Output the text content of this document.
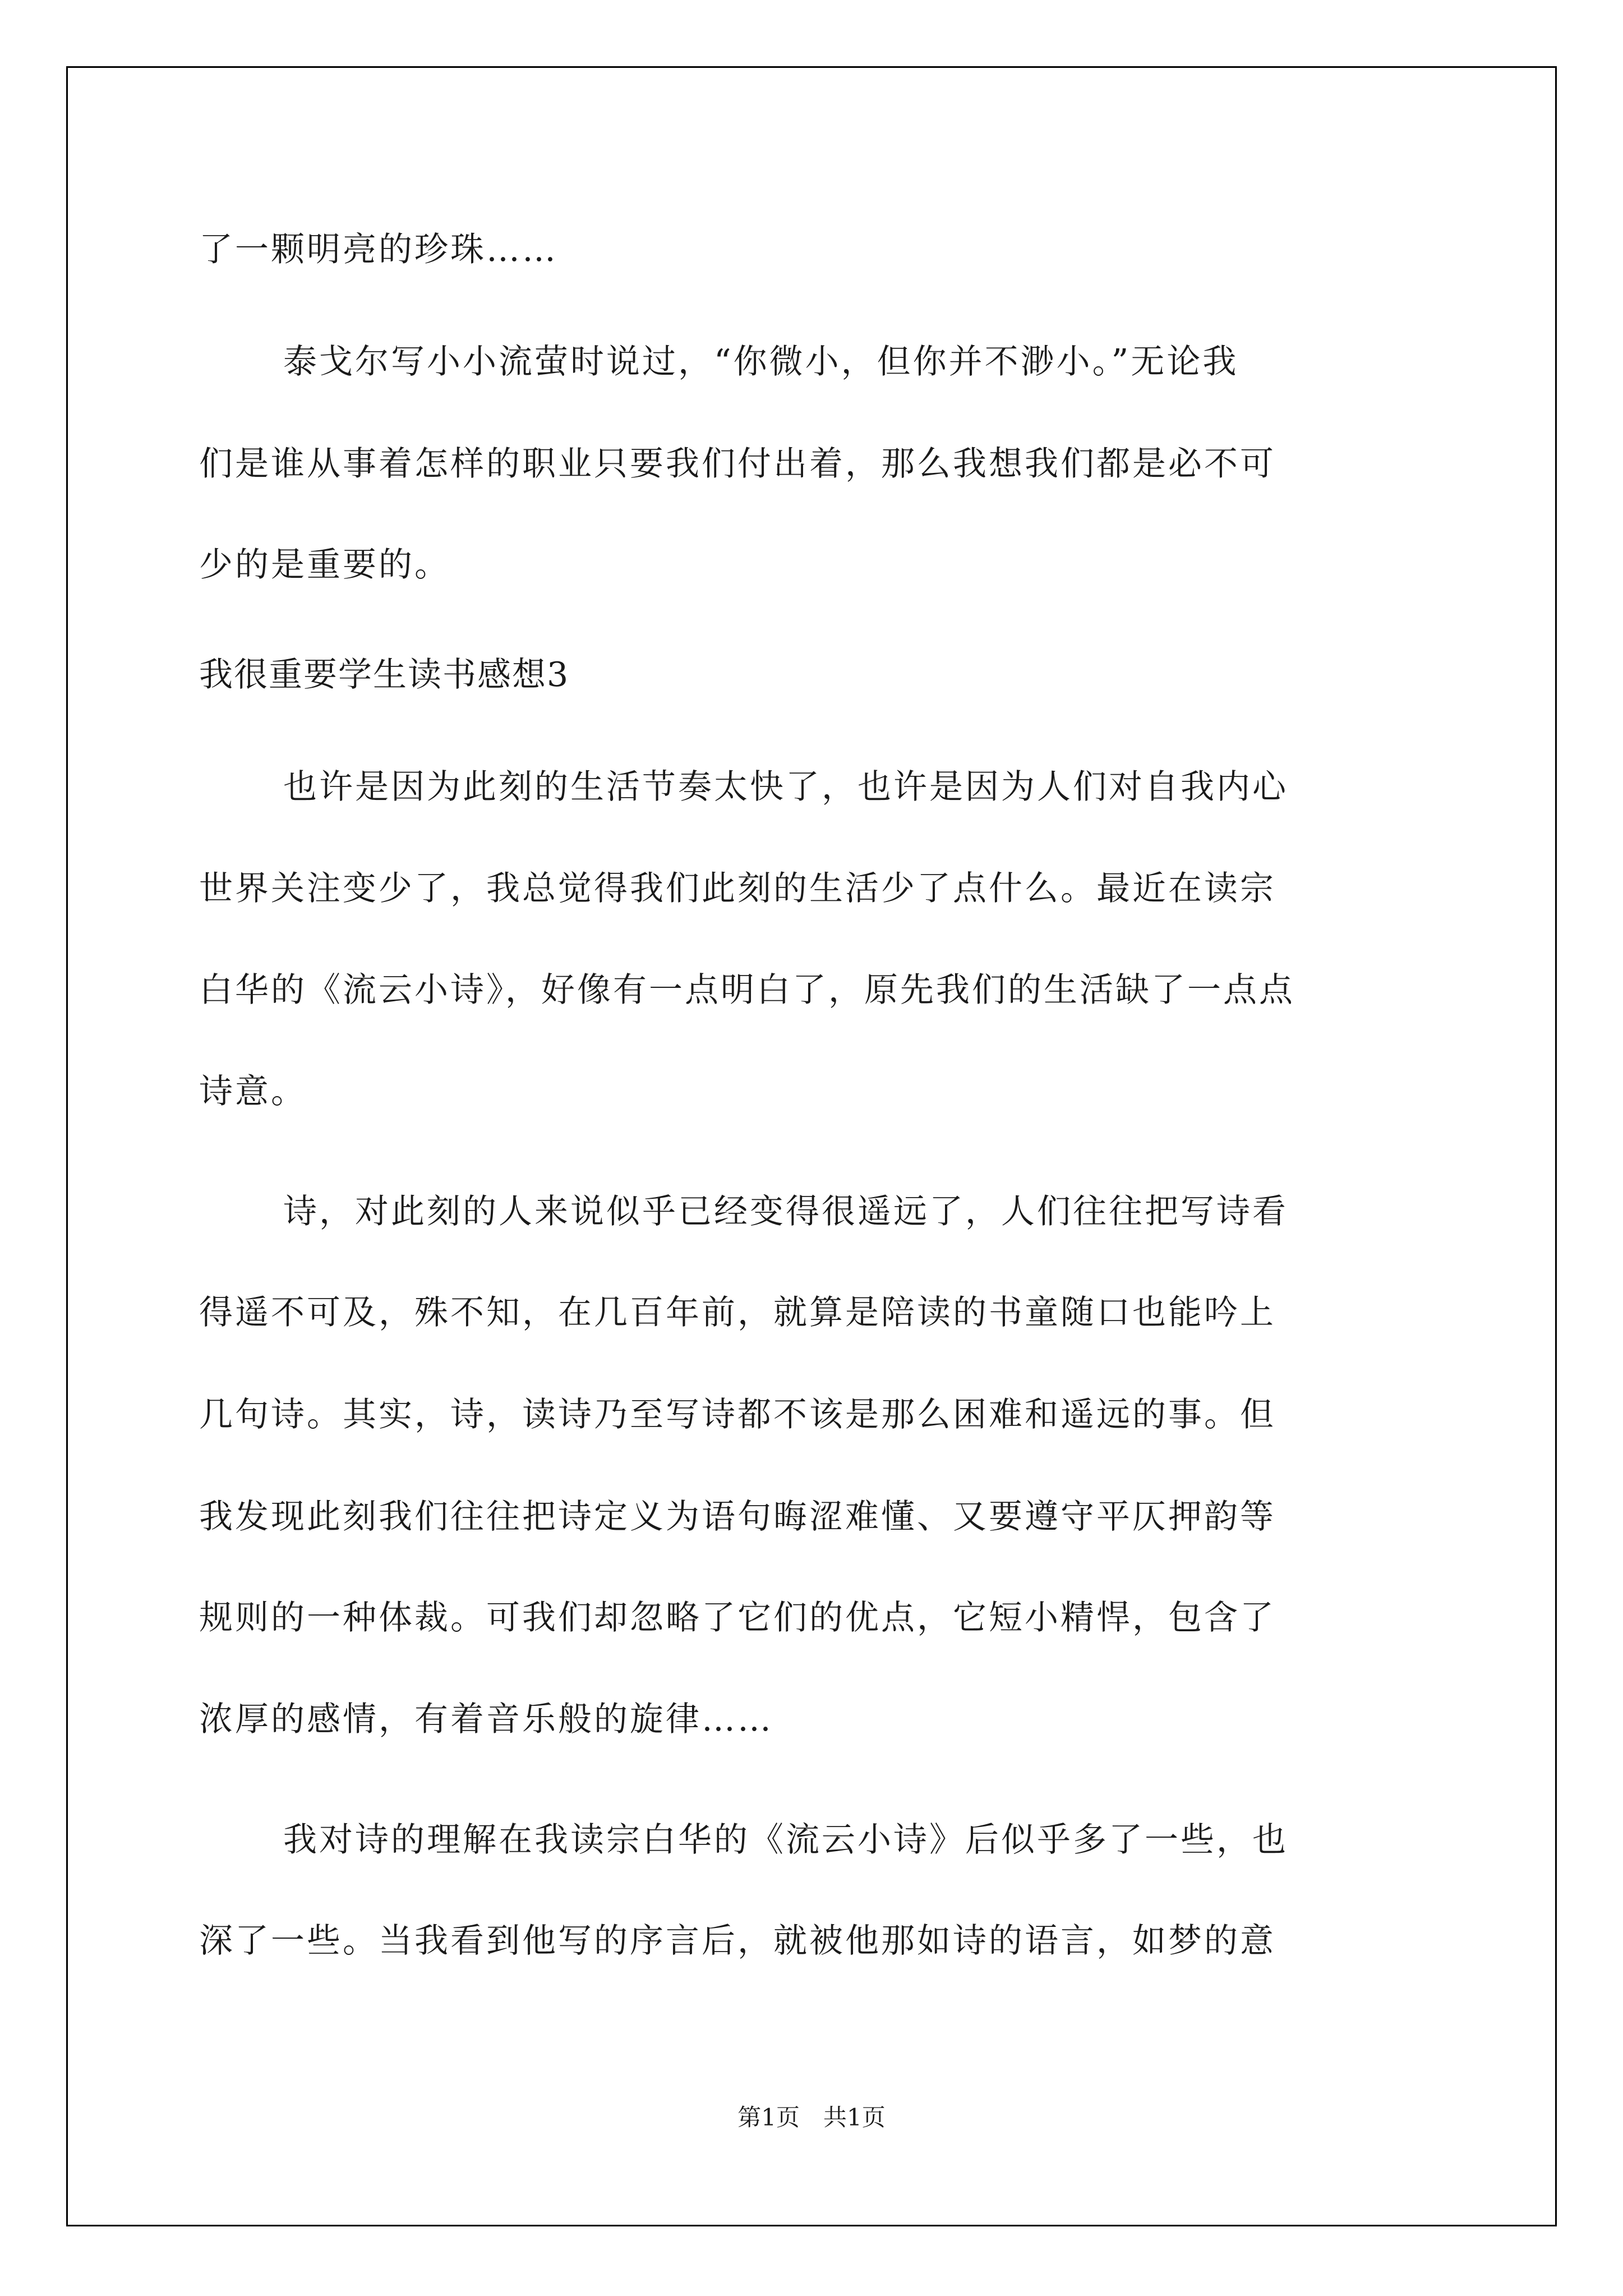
了一颗明亮的珍珠……
泰戈尔写小小流萤时说过，“你微小，但你并不渺小。”无论我
们是谁从事着怎样的职业只要我们付出着，那么我想我们都是必不可
少的是重要的。
我很重要学生读书感想3
也许是因为此刻的生活节奏太快了，也许是因为人们对自我内心
世界关注变少了，我总觉得我们此刻的生活少了点什么。最近在读宗
白华的《流云小诗》，好像有一点明白了，原先我们的生活缺了一点点
诗意。
诗，对此刻的人来说似乎已经变得很遥远了，人们往往把写诗看
得遥不可及，殊不知，在几百年前，就算是陪读的书童随口也能吟上
几句诗。其实，诗，读诗乃至写诗都不该是那么困难和遥远的事。但
我发现此刻我们往往把诗定义为语句晦涩难懂、又要遵守平仄押韵等
规则的一种体裁。可我们却忽略了它们的优点，它短小精悍，包含了
浓厚的感情，有着音乐般的旋律……
我对诗的理解在我读宗白华的《流云小诗》后似乎多了一些，也
深了一些。当我看到他写的序言后，就被他那如诗的语言，如梦的意
第1页　共1页
